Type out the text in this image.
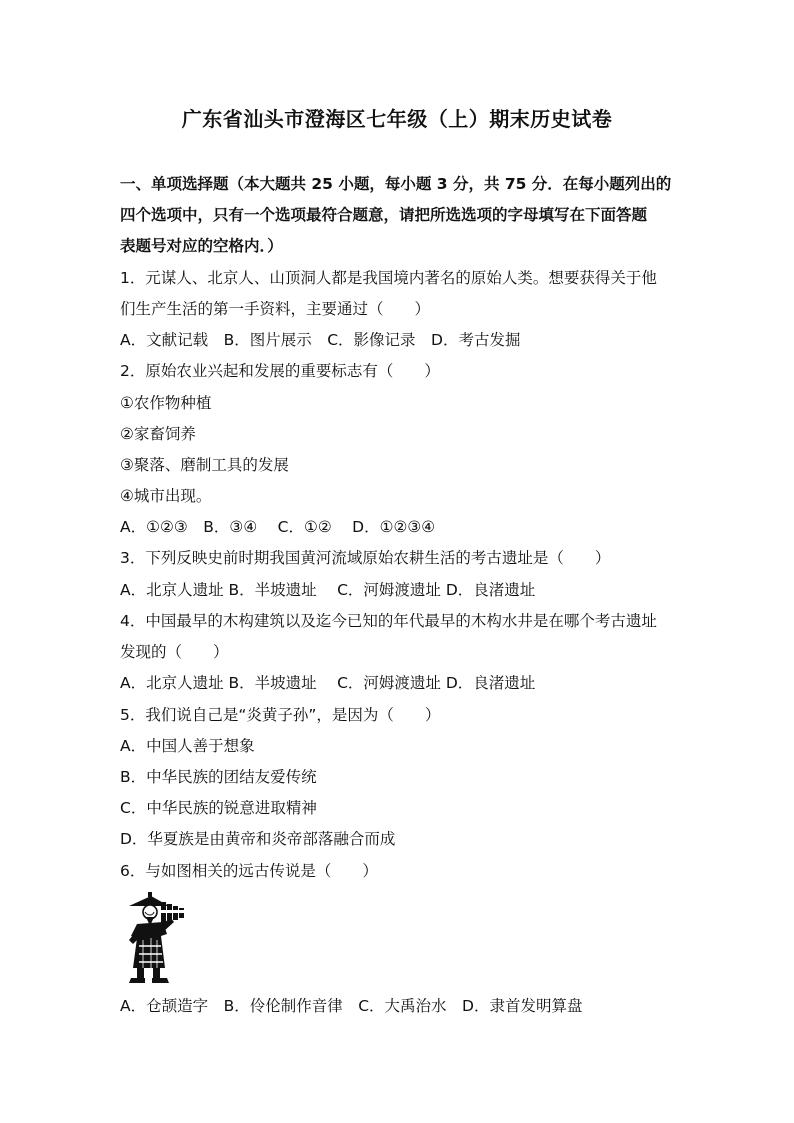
广东省汕头市澄海区七年级（上）期末历史试卷
一、单项选择题（本大题共 25 小题，每小题 3 分，共 75 分．在每小题列出的
四个选项中，只有一个选项最符合题意，请把所选选项的字母填写在下面答题
表题号对应的空格内．）
1．元谋人、北京人、山顶洞人都是我国境内著名的原始人类。想要获得关于他
们生产生活的第一手资料，主要通过（　　）
A．文献记载　B．图片展示　C．影像记录　D．考古发掘
2．原始农业兴起和发展的重要标志有（　　）
①农作物种植
②家畜饲养
③聚落、磨制工具的发展
④城市出现。
A．①②③　B．③④　 C．①②　 D．①②③④
3．下列反映史前时期我国黄河流域原始农耕生活的考古遗址是（　　）
A．北京人遗址 B．半坡遗址　 C．河姆渡遗址 D．良渚遗址
4．中国最早的木构建筑以及迄今已知的年代最早的木构水井是在哪个考古遗址
发现的（　　）
A．北京人遗址 B．半坡遗址　 C．河姆渡遗址 D．良渚遗址
5．我们说自己是“炎黄子孙”，是因为（　　）
A．中国人善于想象
B．中华民族的团结友爱传统
C．中华民族的锐意进取精神
D．华夏族是由黄帝和炎帝部落融合而成
6．与如图相关的远古传说是（　　）
A．仓颉造字　B．伶伦制作音律　C．大禹治水　D．隶首发明算盘
